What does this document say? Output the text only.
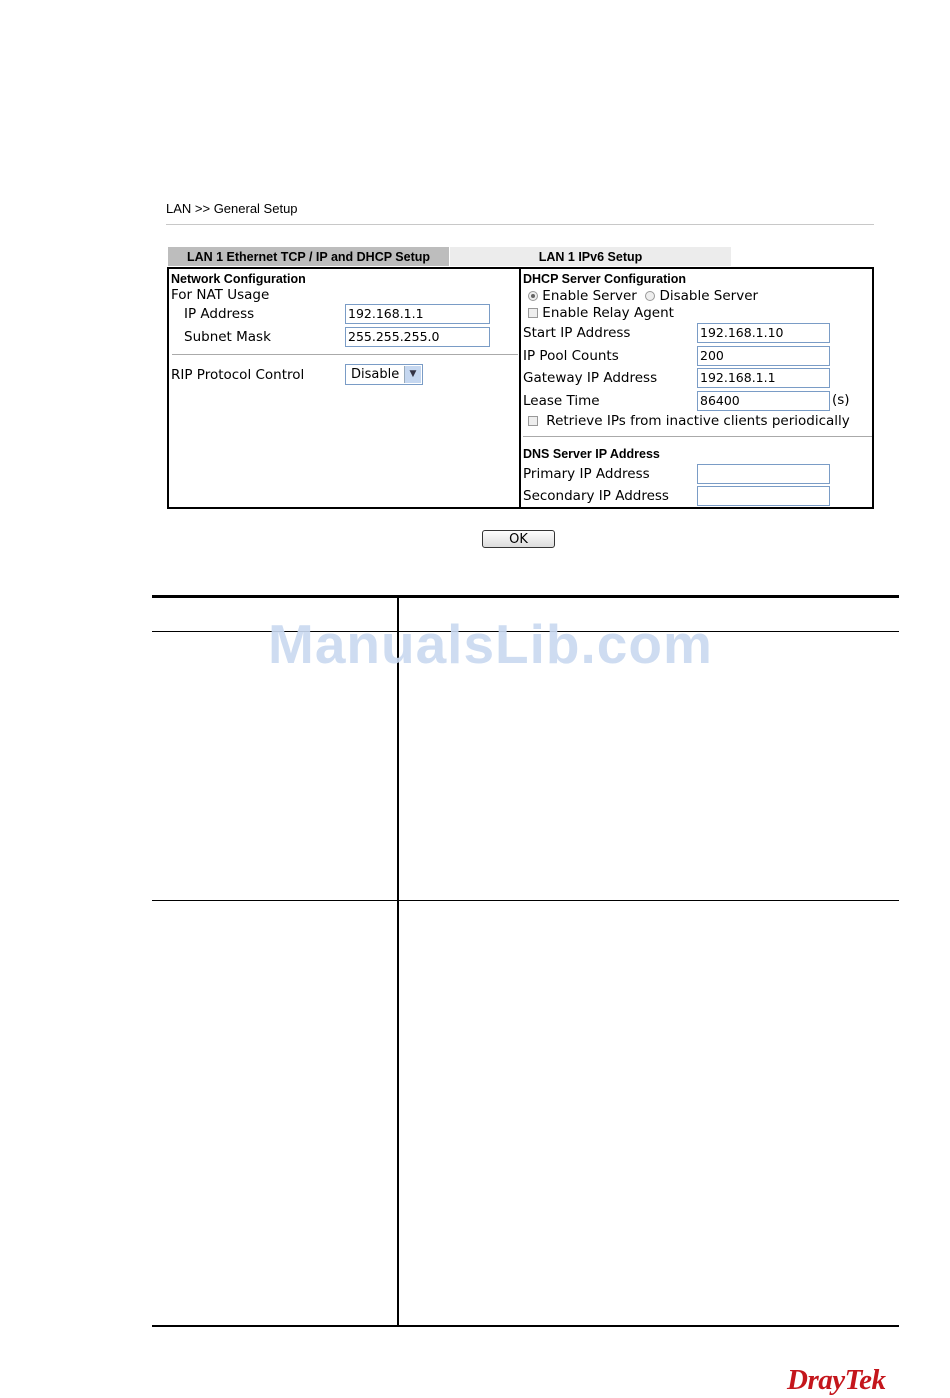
LAN >> General Setup
LAN 1 Ethernet TCP / IP and DHCP Setup	LAN 1 IPv6 Setup
Network Configuration
For NAT Usage
IP Address	192.168.1.1
Subnet Mask	255.255.255.0
RIP Protocol Control	Disable	▼
DHCP Server Configuration
Enable Server Disable Server
Enable Relay Agent
Start IP Address	192.168.1.10
IP Pool Counts	200
Gateway IP Address	192.168.1.1
Lease Time	86400	(s)
Retrieve IPs from inactive clients periodically
DNS Server IP Address
Primary IP Address
Secondary IP Address
OK
ManualsLib.com
DrayTek
